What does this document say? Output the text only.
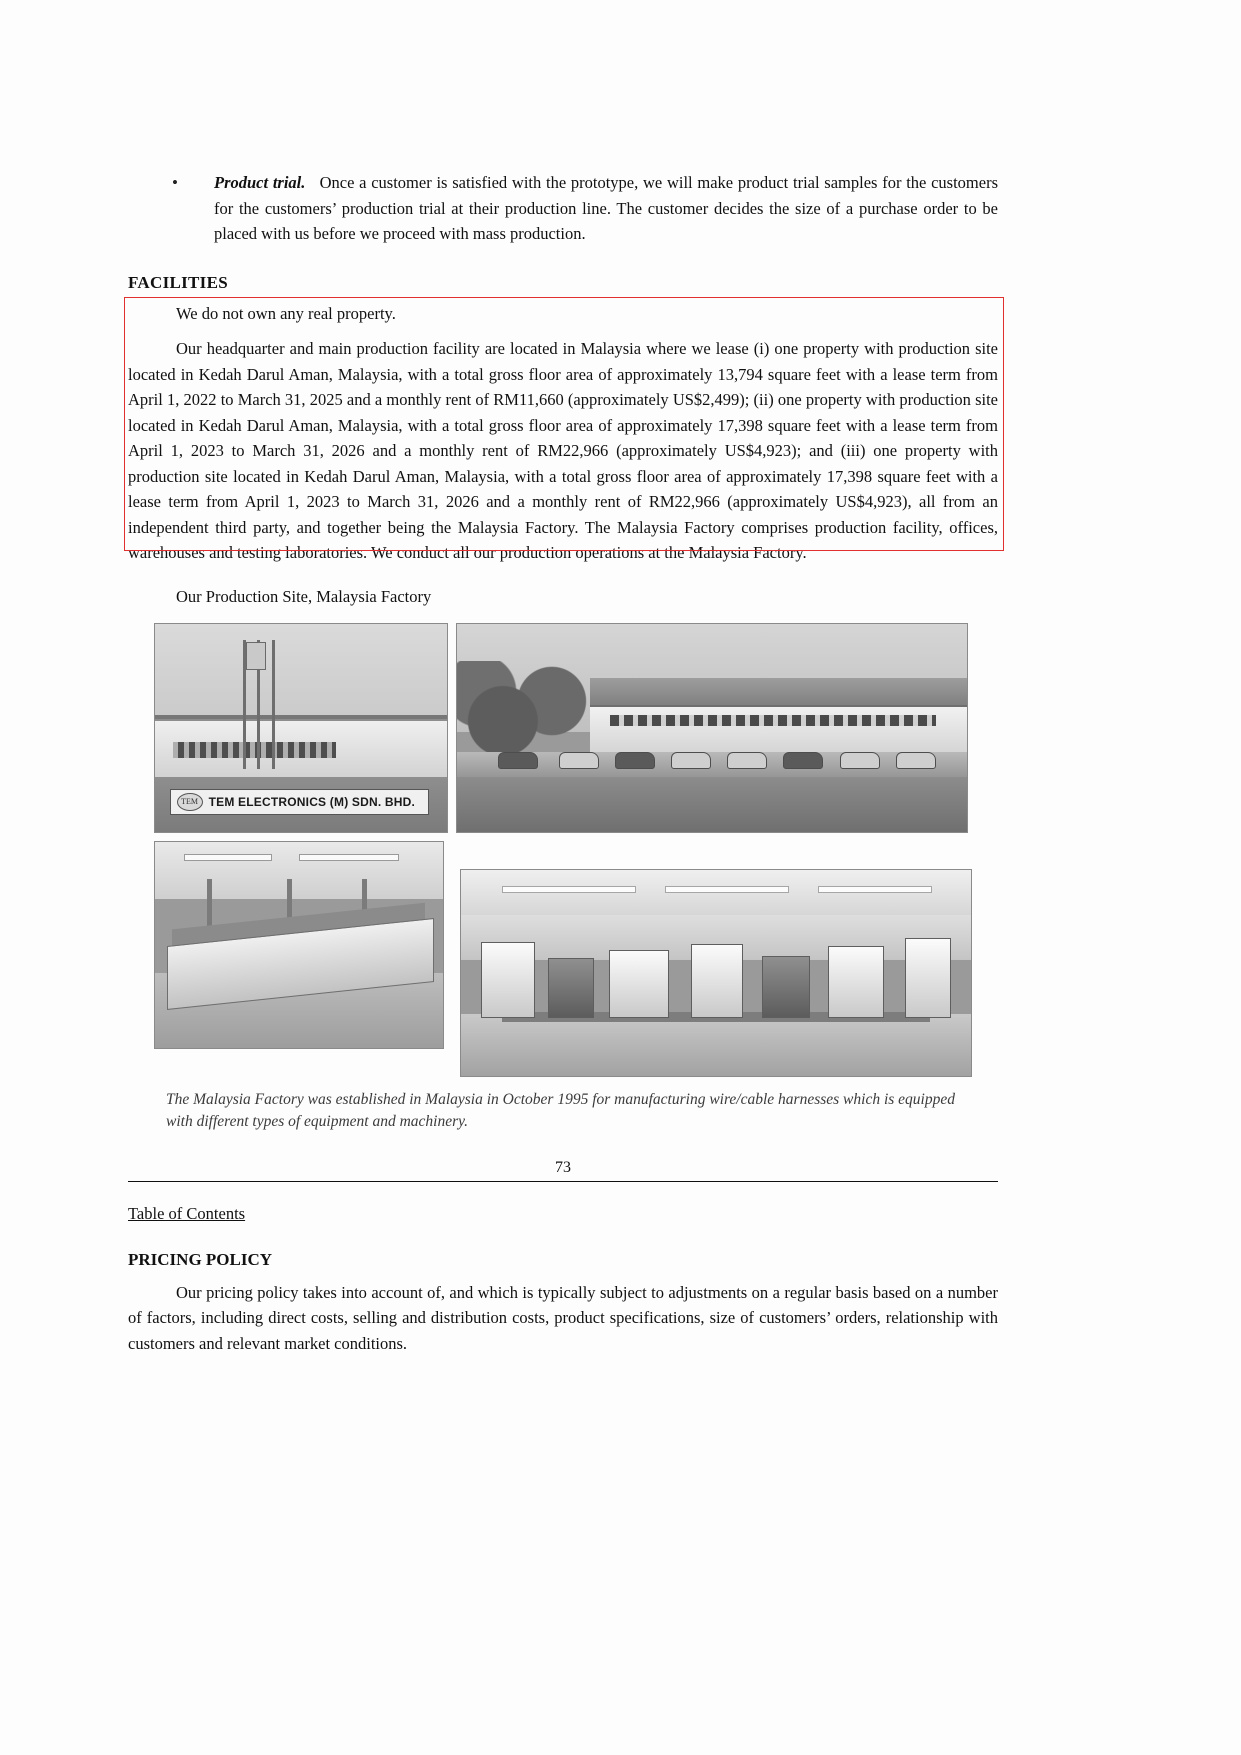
•	Product trial. Once a customer is satisfied with the prototype, we will make product trial samples for the customers for the customers’ production trial at their production line. The customer decides the size of a purchase order to be placed with us before we proceed with mass production.
FACILITIES

We do not own any real property.

Our headquarter and main production facility are located in Malaysia where we lease (i) one property with production site located in Kedah Darul Aman, Malaysia, with a total gross floor area of approximately 13,794 square feet with a lease term from April 1, 2022 to March 31, 2025 and a monthly rent of RM11,660 (approximately US$2,499); (ii) one property with production site located in Kedah Darul Aman, Malaysia, with a total gross floor area of approximately 17,398 square feet with a lease term from April 1, 2023 to March 31, 2026 and a monthly rent of RM22,966 (approximately US$4,923); and (iii) one property with production site located in Kedah Darul Aman, Malaysia, with a total gross floor area of approximately 17,398 square feet with a lease term from April 1, 2023 to March 31, 2026 and a monthly rent of RM22,966 (approximately US$4,923), all from an independent third party, and together being the Malaysia Factory. The Malaysia Factory comprises production facility, offices, warehouses and testing laboratories. We conduct all our production operations at the Malaysia Factory.

Our Production Site, Malaysia Factory
TEM TEM ELECTRONICS (M) SDN. BHD.
The Malaysia Factory was established in Malaysia in October 1995 for manufacturing wire/cable harnesses which is equipped with different types of equipment and machinery.
73
Table of Contents
PRICING POLICY

Our pricing policy takes into account of, and which is typically subject to adjustments on a regular basis based on a number of factors, including direct costs, selling and distribution costs, product specifications, size of customers’ orders, relationship with customers and relevant market conditions.
